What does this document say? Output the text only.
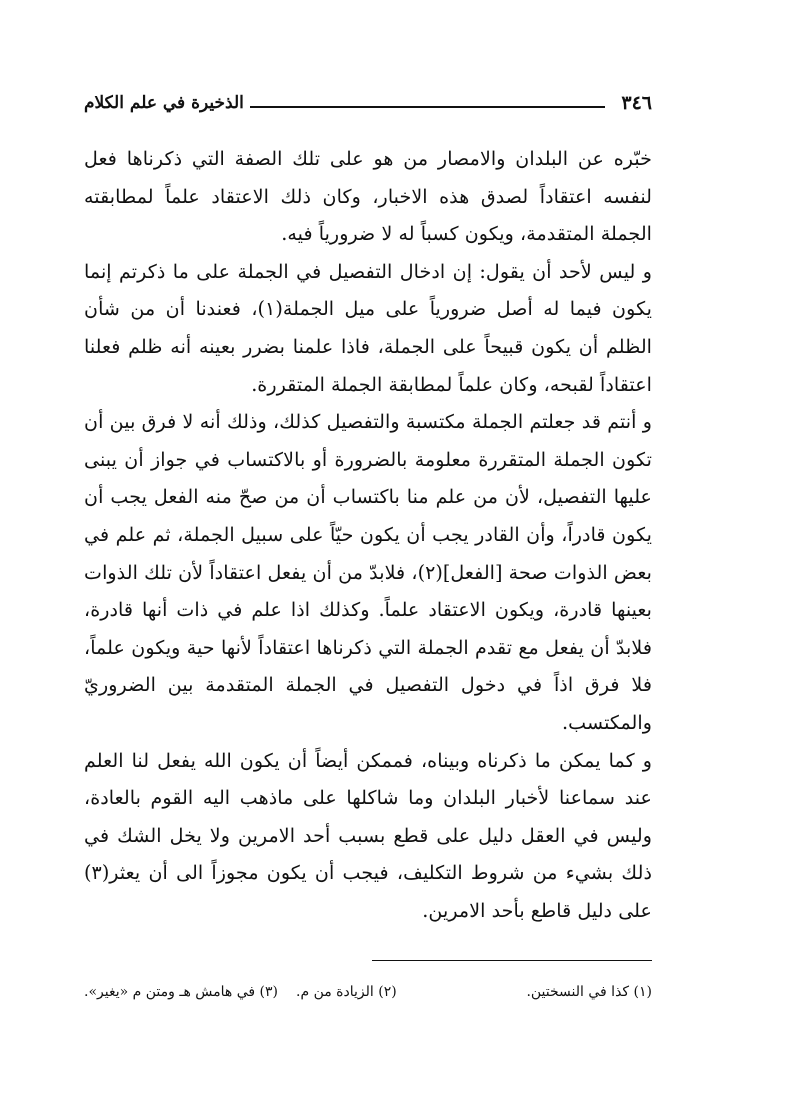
٣٤٦
الذخيرة في علم الكلام

خبّره عن البلدان والامصار من هو على تلك الصفة التي ذكرناها فعل لنفسه اعتقاداً لصدق هذه الاخبار، وكان ذلك الاعتقاد علماً لمطابقته الجملة المتقدمة، ويكون كسباً له لا ضرورياً فيه.

و ليس لأحد أن يقول: إن ادخال التفصيل في الجملة على ما ذكرتم إنما يكون فيما له أصل ضرورياً على ميل الجملة(١)، فعندنا أن من شأن الظلم أن يكون قبيحاً على الجملة، فاذا علمنا بضرر بعينه أنه ظلم فعلنا اعتقاداً لقبحه، وكان علماً لمطابقة الجملة المتقررة.

و أنتم قد جعلتم الجملة مكتسبة والتفصيل كذلك، وذلك أنه لا فرق بين أن تكون الجملة المتقررة معلومة بالضرورة أو بالاكتساب في جواز أن يبنى عليها التفصيل، لأن من علم منا باكتساب أن من صحّ منه الفعل يجب أن يكون قادراً، وأن القادر يجب أن يكون حيّاً على سبيل الجملة، ثم علم في بعض الذوات صحة [الفعل](٢)، فلابدّ من أن يفعل اعتقاداً لأن تلك الذوات بعينها قادرة، ويكون الاعتقاد علماً. وكذلك اذا علم في ذات أنها قادرة، فلابدّ أن يفعل مع تقدم الجملة التي ذكرناها اعتقاداً لأنها حية ويكون علماً، فلا فرق اذاً في دخول التفصيل في الجملة المتقدمة بين الضروريّ والمكتسب.

و كما يمكن ما ذكرناه وبيناه، فممكن أيضاً أن يكون الله يفعل لنا العلم عند سماعنا لأخبار البلدان وما شاكلها على ماذهب اليه القوم بالعادة، وليس في العقل دليل على قطع بسبب أحد الامرين ولا يخل الشك في ذلك بشيء من شروط التكليف، فيجب أن يكون مجوزاً الى أن يعثر(٣) على دليل قاطع بأحد الامرين.

(١) كذا في النسختين.
(٢) الزيادة من م.
(٣) في هامش هـ ومتن م «يغير».
